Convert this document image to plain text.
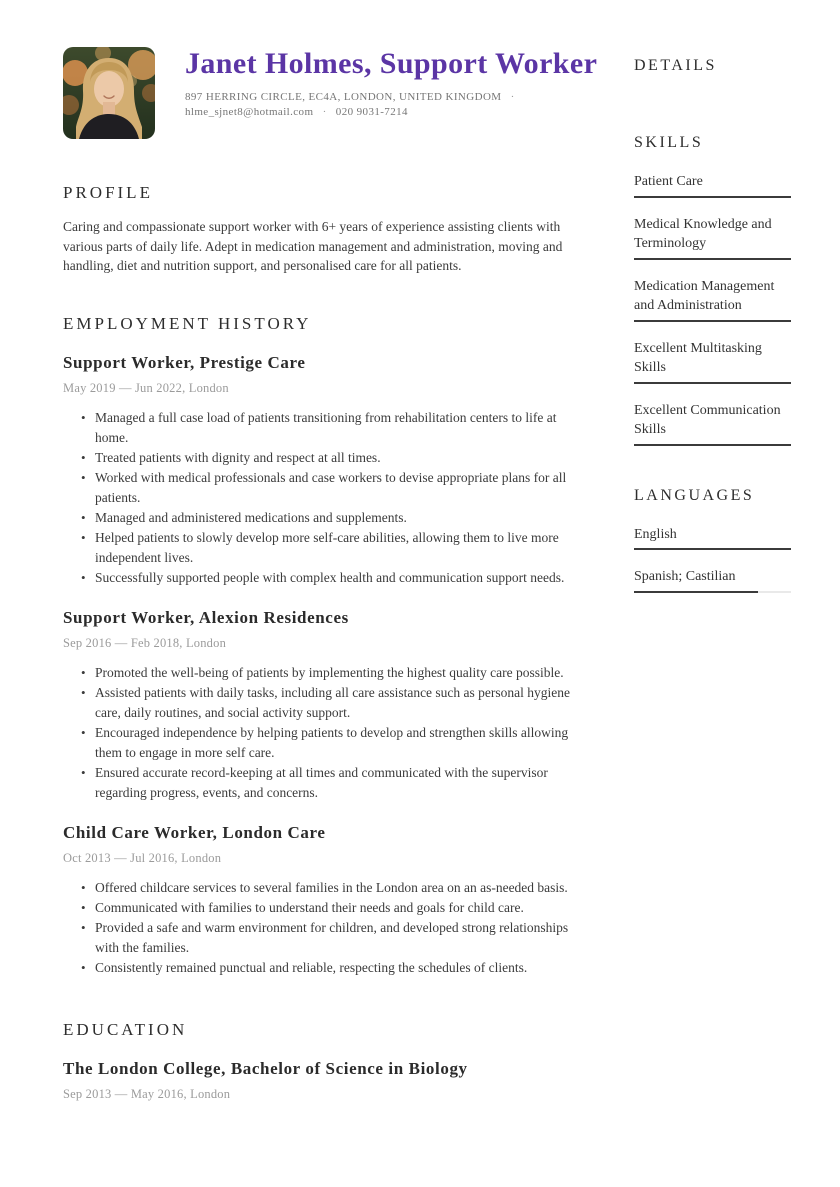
Janet Holmes, Support Worker
897 HERRING CIRCLE, EC4A, LONDON, UNITED KINGDOM ·
hlme_sjnet8@hotmail.com · 020 9031-7214
PROFILE

Caring and compassionate support worker with 6+ years of experience assisting clients with various parts of daily life. Adept in medication management and administration, moving and handling, diet and nutrition support, and personalised care for all patients.

EMPLOYMENT HISTORY
Support Worker, Prestige Care
May 2019 — Jun 2022, London
• Managed a full case load of patients transitioning from rehabilitation centers to life at home.
• Treated patients with dignity and respect at all times.
• Worked with medical professionals and case workers to devise appropriate plans for all patients.
• Managed and administered medications and supplements.
• Helped patients to slowly develop more self-care abilities, allowing them to live more independent lives.
• Successfully supported people with complex health and communication support needs.
Support Worker, Alexion Residences
Sep 2016 — Feb 2018, London
• Promoted the well-being of patients by implementing the highest quality care possible.
• Assisted patients with daily tasks, including all care assistance such as personal hygiene care, daily routines, and social activity support.
• Encouraged independence by helping patients to develop and strengthen skills allowing them to engage in more self care.
• Ensured accurate record-keeping at all times and communicated with the supervisor regarding progress, events, and concerns.
Child Care Worker, London Care
Oct 2013 — Jul 2016, London
• Offered childcare services to several families in the London area on an as-needed basis.
• Communicated with families to understand their needs and goals for child care.
• Provided a safe and warm environment for children, and developed strong relationships with the families.
• Consistently remained punctual and reliable, respecting the schedules of clients.
EDUCATION
The London College, Bachelor of Science in Biology
Sep 2013 — May 2016, London
DETAILS
SKILLS
Patient Care
Medical Knowledge and Terminology
Medication Management and Administration
Excellent Multitasking Skills
Excellent Communication Skills
LANGUAGES
English
Spanish; Castilian
